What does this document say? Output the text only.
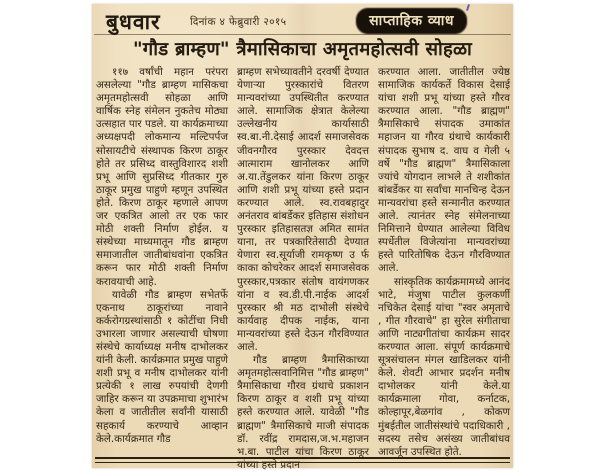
बुधवार	दिनांक ४ फेब्रुवारी २०१५	साप्ताहिक व्याध
"गौड ब्राम्हण" त्रैमासिकाचा अमृतमहोत्सवी सोहळा

११७ वर्षांची महान परंपरा असलेल्या "गौड ब्राम्हण मासिकचा अमृतमहोत्सवी सोहळा आणि वार्षिक स्नेह संमेलन नुकतेच मोठ्या उत्सहात पार पडले. या कार्यक्रमाच्या अध्यक्षपदी लोकमान्य मल्टिपर्पज सोसायटीचे संस्थापक किरण ठाकूर होते तर प्रसिध्द वास्तुविशारद शशी प्रभू आणि सुप्रसिध्द गीतकार गुरु ठाकूर प्रमुख पाहुणे म्हणून उपस्थित होते. किरण ठाकूर म्हणाले आपण जर एकत्रित आलो तर एक फार मोठी शक्ती निर्माण होईल. य संस्थेच्या माध्यमातून गौड ब्राम्हण समाजातील जातीबांधवांना एकत्रित करून फार मोठी शक्ती निर्माण करावयाची आहे.

यावेळी गौड ब्राम्हण सभेतर्फे एकनाथ ठाकूरांच्या नावाने कर्करोगग्रस्थांसाठी १ कोटींचा निधी उभारला जाणार असल्याची घोषणा संस्थेचे कार्याध्यक्ष मनीष दाभोलकर यांनी केली. कार्यक्रमात प्रमुख पाहुणे शशी प्रभू व मनीष दाभोलकर यांनी प्रत्येकी १ लाख रुपयांची देणगी जाहिर करून या उपक्रमाचा शुभारंभ केला व जातीतील सर्वांनी यासाठी सहकार्य करण्याचे आव्हान केले.कार्यक्रमात गौड

ब्राम्हण सभेच्यावतीने दरवर्षी देण्यात येणाऱ्या पुरस्कारांचे वितरण मान्यवरांच्या उपस्थितीत करण्यात आले. सामाजिक क्षेत्रात केलेल्या उल्लेखनीय कार्यासाठी स्व.बा.नी.देसाई आदर्श समाजसेवक जीवनगौरव पुरस्कार देवदत्त आत्माराम खानोलकर आणि अ.या.तेंडुलकर यांना किरण ठाकूर आणि शशी प्रभू यांच्या हस्ते प्रदान करण्यात आले. स्व.रावबहादुर अनंतराव बांबर्डेकर इतिहास संशोधन पुरस्कार इतिहासतज्ञ अमित सामंत याना, तर पत्रकारितेसाठी देण्यात येणारा स्व.सूर्याजी रामकृष्ण उ र्फ काका कोचरेकर आदर्श समाजसेवक पुरस्कार,पत्रकार संतोष वायंगणकर यांना व स्व.डी.पी.नाईक आदर्श पुरस्कार श्री मठ दाभोली संस्थेचे कार्यवाह दीपक नाईक, याना मान्यवरांच्या हस्ते देऊन गौरविण्यात आले.

गौड ब्राम्हण त्रैमासिकाच्या अमृतमहोत्सवानिमित्त "गौड ब्राम्हण" त्रैमासिकाचा गौरव ग्रंथाचे प्रकाशन किरण ठाकूर व शशी प्रभू यांच्या हस्ते करण्यात आले. यावेळी "गौड ब्राह्मण" त्रैमासिकाचे माजी संपादक डॉ. रवींद्र रामदास,ज.भ.महाजन भ.बा. पाटील यांचा किरण ठाकूर यांच्या हस्ते प्रदान

करण्यात आला. जातीतील ज्येष्ठ सामाजिक कार्यकर्ते विकास देसाई यांचा शशी प्रभू यांच्या हस्ते गौरव करण्यात आला. "गौड ब्राह्मण" त्रैमासिकाचे संपादक उमाकांत महाजन या गौरव ग्रंथाचे कार्यकारी संपादक सुभाष द. वाघ व गेली ५ वर्षे "गौड ब्राह्मण" त्रैमासिकाला ज्यांचे योगदान लाभले ते शशीकांत बांबर्डेकर या सर्वांचा मानचिन्ह देऊन मान्यवरांचा हस्ते सन्मानीत करण्यात आले. त्यानंतर स्नेह संमेलनाच्या निमित्ताने घेण्यात आलेल्या विविध स्पर्धेतील विजेत्यांना मान्यवरांच्या हस्ते पारितोषिक देऊन गौरविण्यात आले.

सांस्कृतिक कार्यक्रमामध्ये आनंद भाटे, मंजुषा पाटील कुलकर्णी नचिकेत देसाई यांचा "स्वर अमृताचे , गीत गौरवाचे" हा सुरेल संगीताचा आणि नाट्यगीतांचा कार्यक्रम सादर करण्यात आला. संपूर्ण कार्यक्रमाचे सूत्रसंचालन मंगल खाडिलकर यांनी केले. शेवटी आभार प्रदर्शन मनीष दाभोलकर यांनी केले.या कार्यक्रमाला गोवा, कर्नाटक, कोल्हापूर,बेळगांव , कोकण मुंबईतील जातीसंस्थांचे पदाधिकारी , सदस्य तसेच असंख्य जातीबांधव आवर्जून उपस्थित होते.
